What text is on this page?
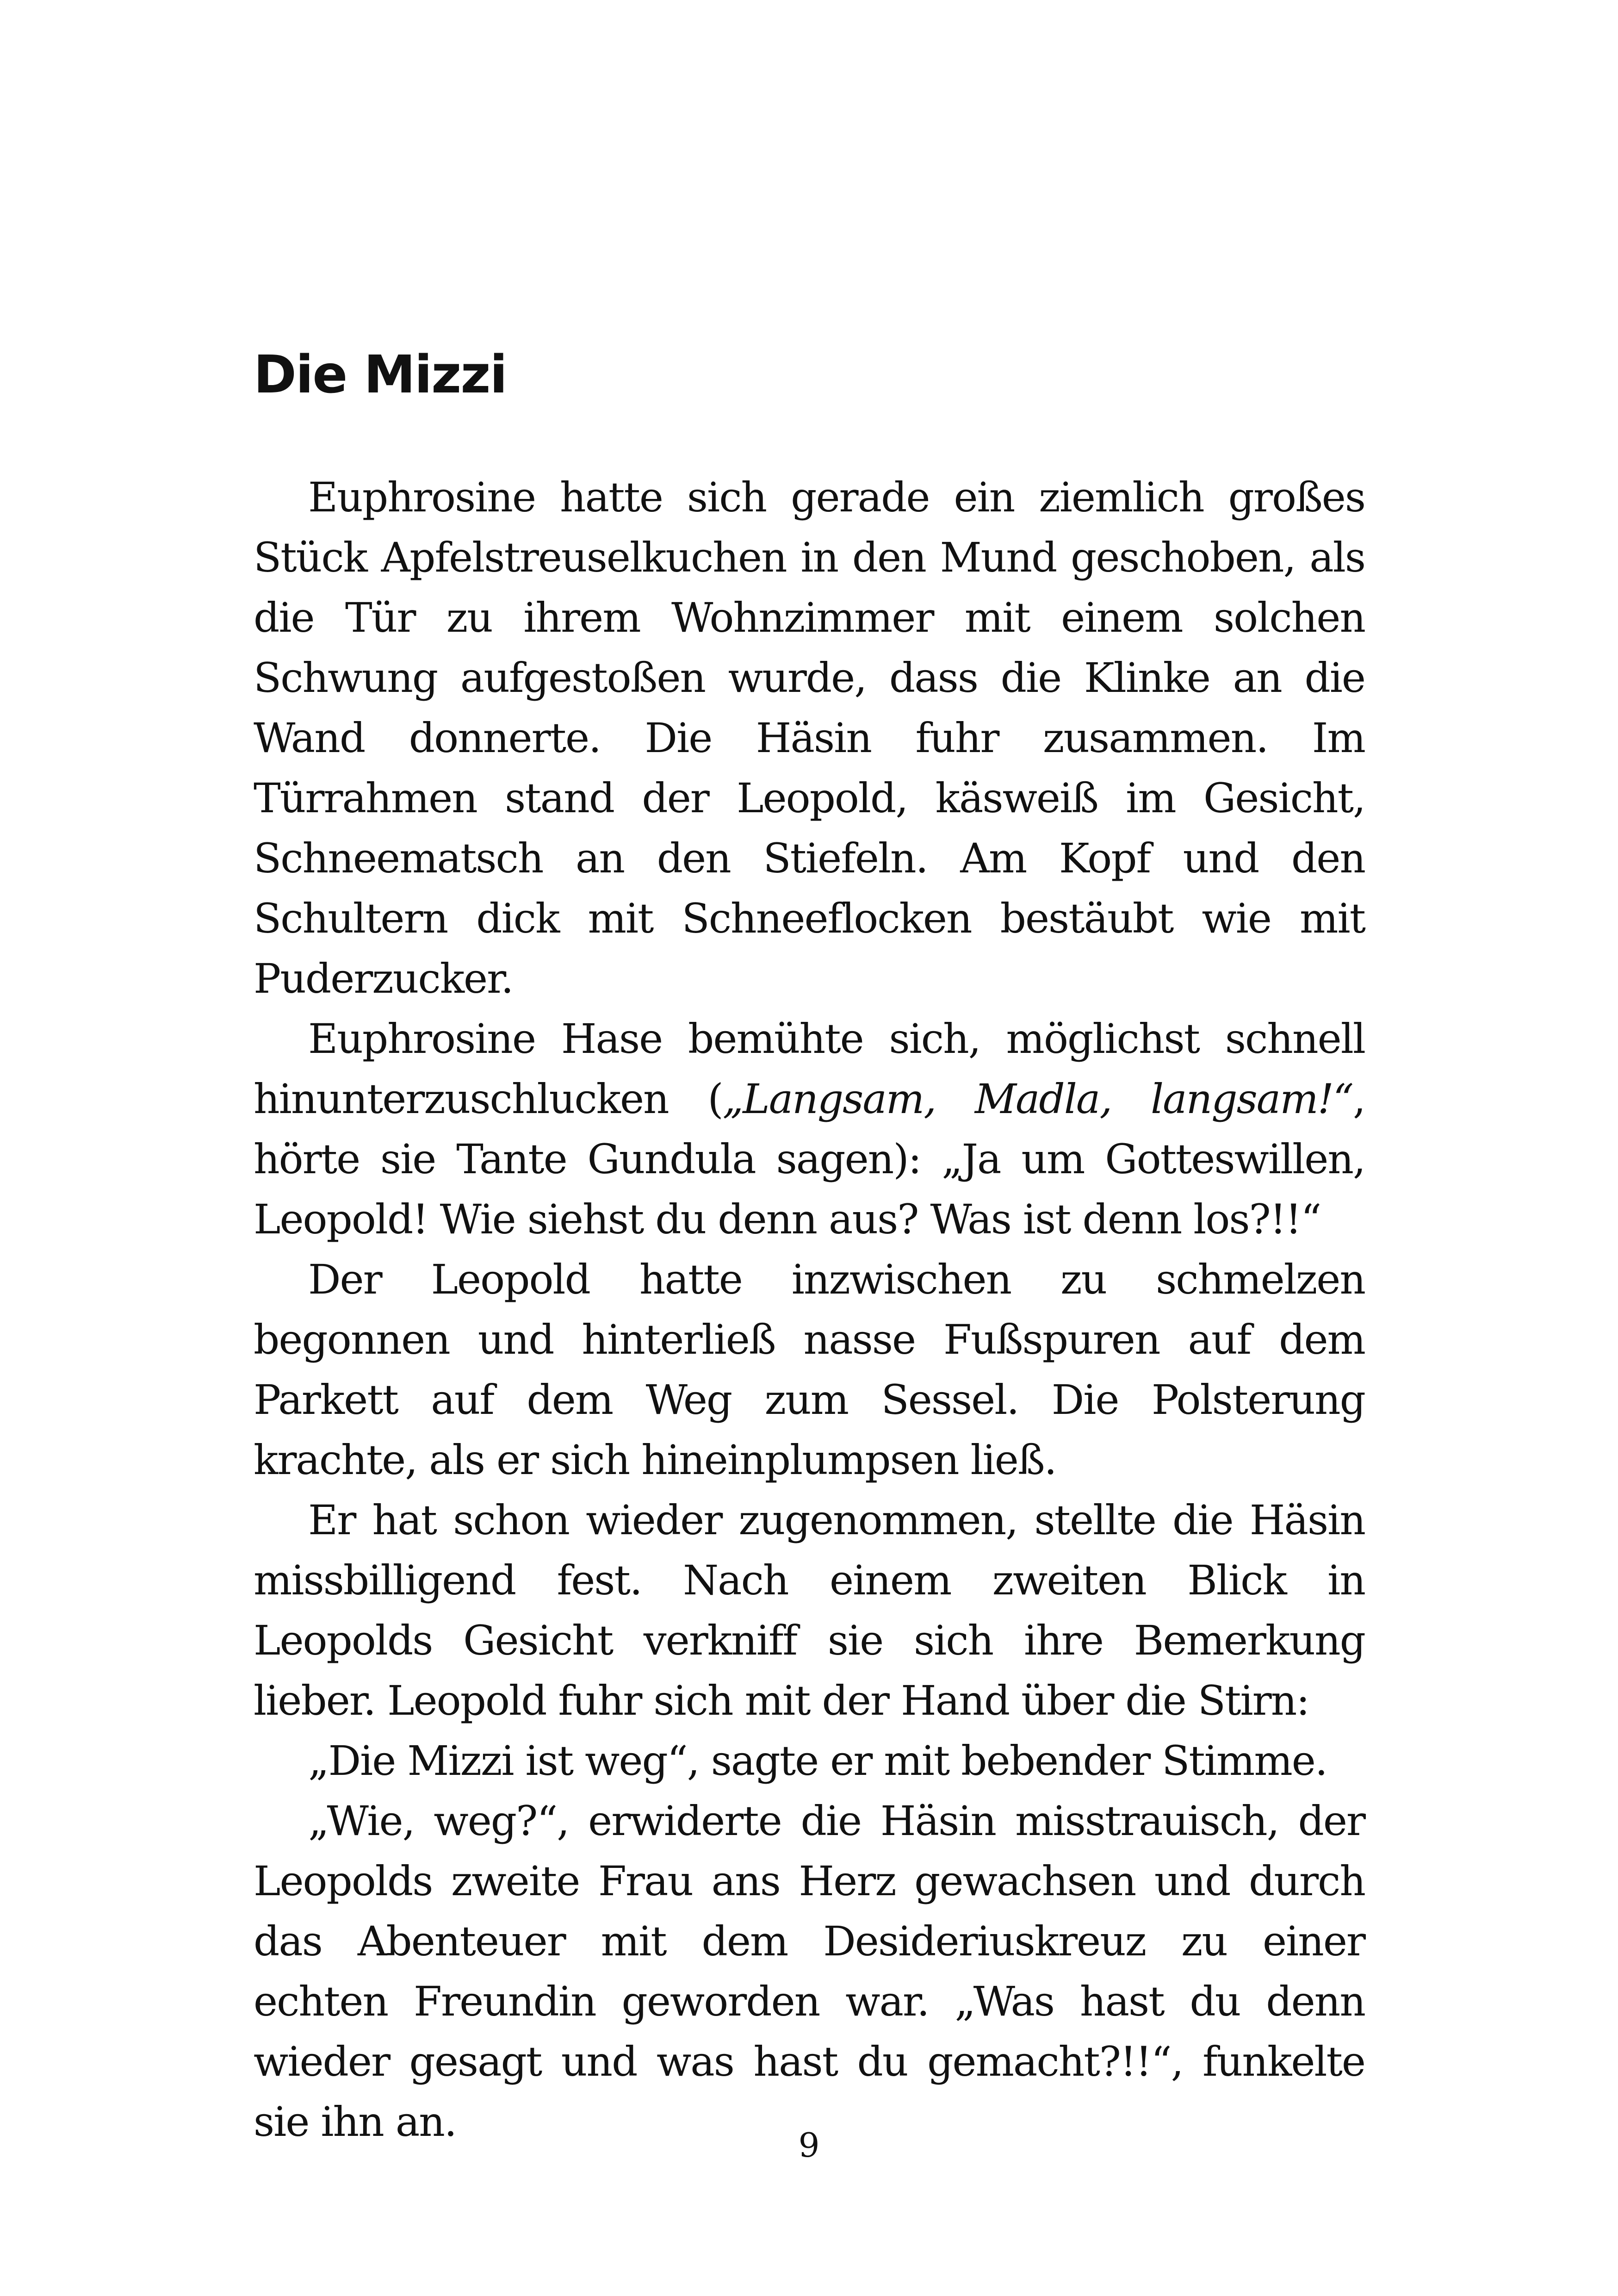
Die Mizzi

Euphrosine hatte sich gerade ein ziemlich großes Stück Apfelstreuselkuchen in den Mund geschoben, als die Tür zu ihrem Wohnzimmer mit einem solchen Schwung aufgestoßen wurde, dass die Klinke an die Wand donnerte. Die Häsin fuhr zusammen. Im Türrahmen stand der Leopold, käsweiß im Gesicht, Schneematsch an den Stiefeln. Am Kopf und den Schultern dick mit Schneeflocken bestäubt wie mit Puderzucker.

Euphrosine Hase bemühte sich, möglichst schnell hinunterzuschlucken („Langsam, Madla, langsam!“, hörte sie Tante Gundula sagen): „Ja um Gotteswillen, Leopold! Wie siehst du denn aus? Was ist denn los?!!“

Der Leopold hatte inzwischen zu schmelzen begonnen und hinterließ nasse Fußspuren auf dem Parkett auf dem Weg zum Sessel. Die Polsterung krachte, als er sich hineinplumpsen ließ.

Er hat schon wieder zugenommen, stellte die Häsin missbilligend fest. Nach einem zweiten Blick in Leopolds Gesicht verkniff sie sich ihre Bemerkung lieber. Leopold fuhr sich mit der Hand über die Stirn:

„Die Mizzi ist weg“, sagte er mit bebender Stimme.

„Wie, weg?“, erwiderte die Häsin misstrauisch, der Leopolds zweite Frau ans Herz gewachsen und durch das Abenteuer mit dem Desideriuskreuz zu einer echten Freundin geworden war. „Was hast du denn wieder gesagt und was hast du gemacht?!!“, funkelte sie ihn an.	9
